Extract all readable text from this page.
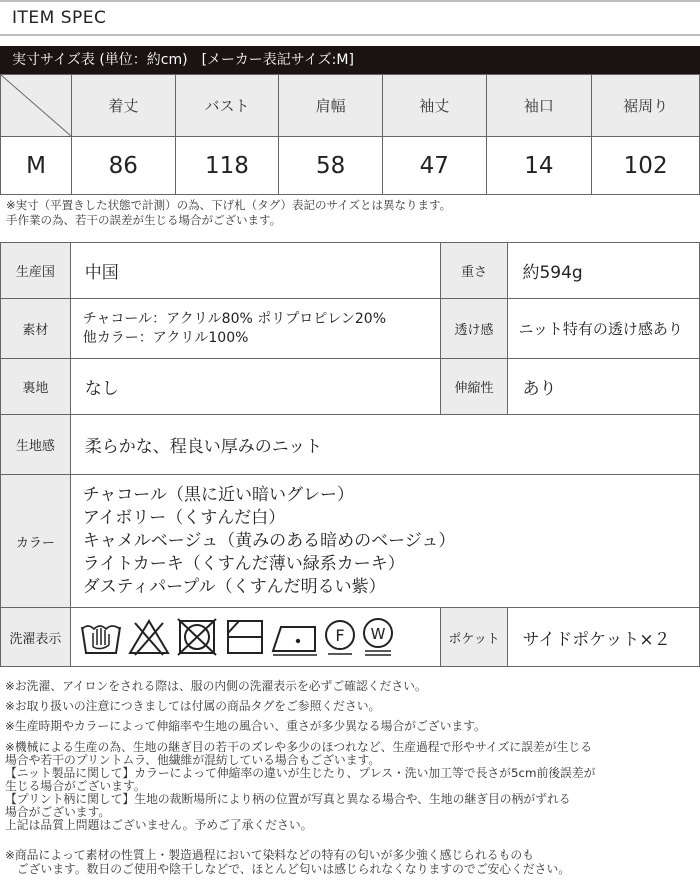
ITEM SPEC
実寸サイズ表 (単位：約cm)　[メーカー表記サイズ:M]
	着丈	バスト	肩幅	袖丈	袖口	裾周り
M	86	118	58	47	14	102
※実寸（平置きした状態で計測）の為、下げ札（タグ）表記のサイズとは異なります。
手作業の為、若干の誤差が生じる場合がございます。
生産国	中国	重さ	約594g
素材	チャコール：アクリル80% ポリプロピレン20%
他カラー：アクリル100%	透け感	ニット特有の透け感あり
裏地	なし	伸縮性	あり
生地感	柔らかな、程良い厚みのニット		
カラー	チャコール（黒に近い暗いグレー）
アイボリー（くすんだ白）
キャメルベージュ（黄みのある暗めのベージュ）
ライトカーキ（くすんだ薄い緑系カーキ）
ダスティパープル（くすんだ明るい紫）		

洗濯表示	F W	ポケット	サイドポケット×２
※お洗濯、アイロンをされる際は、服の内側の洗濯表示を必ずご確認ください。
※お取り扱いの注意につきましては付属の商品タグをご参照ください。
※生産時期やカラーによって伸縮率や生地の風合い、重さが多少異なる場合がございます。
※機械による生産の為、生地の継ぎ目の若干のズレや多少のほつれなど、生産過程で形やサイズに誤差が生じる
場合や若干のプリントムラ、他繊維が混紡している場合もございます。
【ニット製品に関して】カラーによって伸縮率の違いが生じたり、プレス・洗い加工等で長さが5cm前後誤差が
生じる場合がございます。
【プリント柄に関して】生地の裁断場所により柄の位置が写真と異なる場合や、生地の継ぎ目の柄がずれる
場合がございます。
上記は品質上問題はございません。予めご了承ください。
※商品によって素材の性質上・製造過程において染料などの特有の匂いが多少強く感じられるものも
　ございます。数日のご使用や陰干しなどで、ほとんど匂いは感じられなくなりますのでご安心ください。
